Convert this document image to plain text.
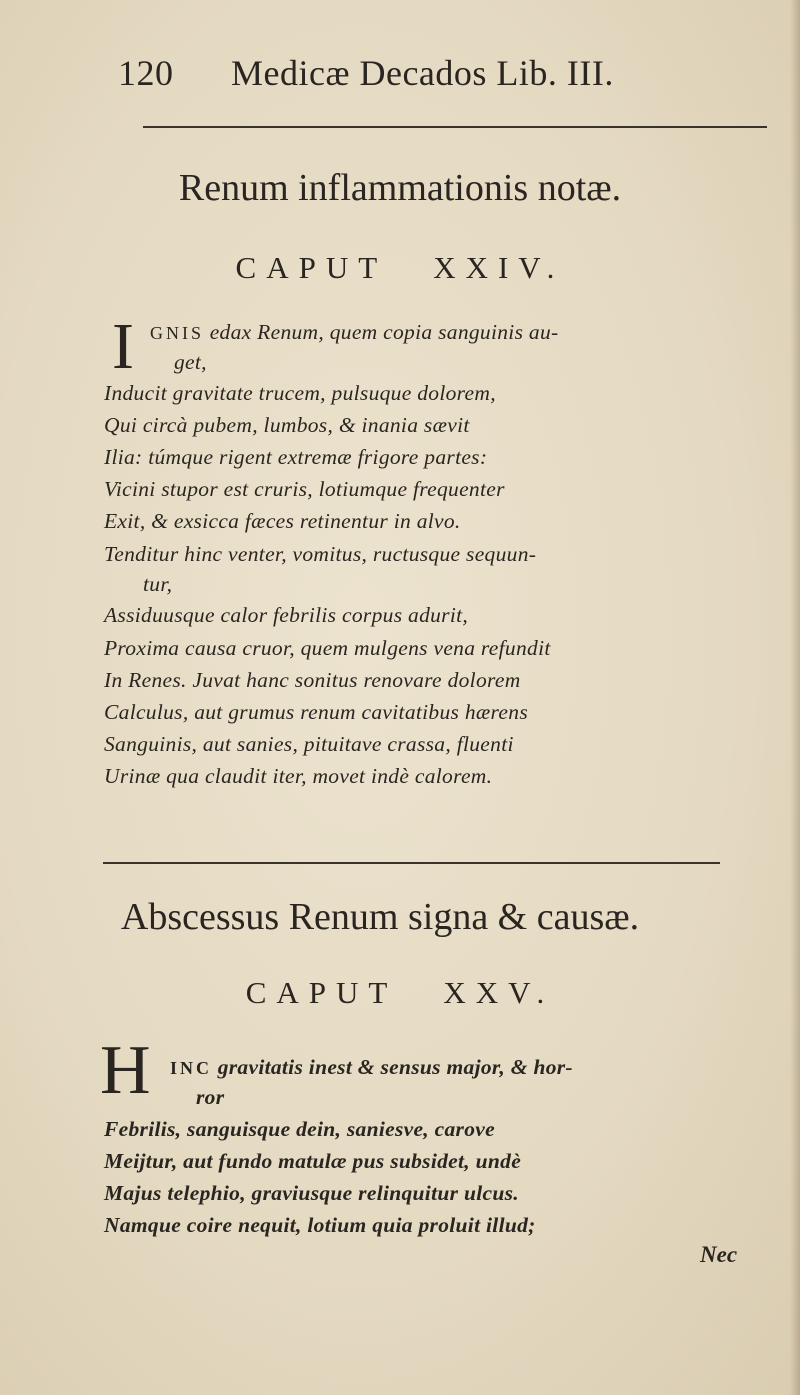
120 Medicæ Decados Lib. III.
Renum inflammationis notæ.
CAPUT XXIV.
I GNIS edax Renum, quem copia sanguinis au-
get,
Inducit gravitate trucem, pulsuque dolorem,
Qui circà pubem, lumbos, & inania sævit
Ilia: túmque rigent extremæ frigore partes:
Vicini stupor est cruris, lotiumque frequenter
Exit, & exsicca fæces retinentur in alvo.
Tenditur hinc venter, vomitus, ructusque sequun-
tur,
Assiduusque calor febrilis corpus adurit,
Proxima causa cruor, quem mulgens vena refundit
In Renes. Juvat hanc sonitus renovare dolorem
Calculus, aut grumus renum cavitatibus hærens
Sanguinis, aut sanies, pituitave crassa, fluenti
Urinæ qua claudit iter, movet indè calorem.
Abscessus Renum signa & causæ.
CAPUT XXV.
H INC gravitatis inest & sensus major, & hor-
ror
Febrilis, sanguisque dein, saniesve, carove
Meijtur, aut fundo matulæ pus subsidet, undè
Majus telephio, graviusque relinquitur ulcus.
Namque coire nequit, lotium quia proluit illud;
Nec
